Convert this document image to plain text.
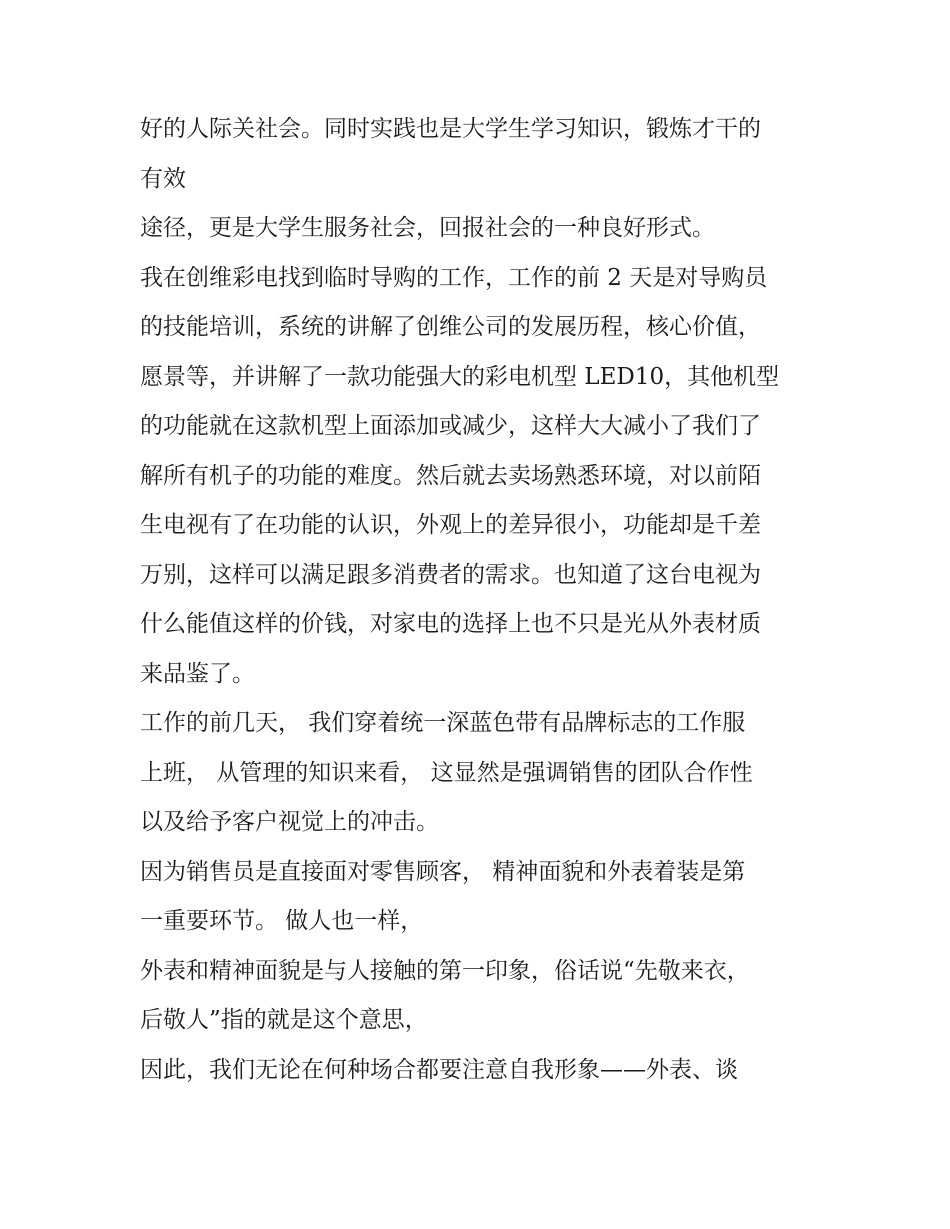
好的人际关社会。同时实践也是大学生学习知识，锻炼才干的

有效

途径，更是大学生服务社会，回报社会的一种良好形式。

我在创维彩电找到临时导购的工作，工作的前 2 天是对导购员

的技能培训，系统的讲解了创维公司的发展历程，核心价值，

愿景等，并讲解了一款功能强大的彩电机型 LED10，其他机型

的功能就在这款机型上面添加或减少，这样大大减小了我们了

解所有机子的功能的难度。然后就去卖场熟悉环境，对以前陌

生电视有了在功能的认识，外观上的差异很小，功能却是千差

万别，这样可以满足跟多消费者的需求。也知道了这台电视为

什么能值这样的价钱，对家电的选择上也不只是光从外表材质

来品鉴了。

工作的前几天， 我们穿着统一深蓝色带有品牌标志的工作服

上班， 从管理的知识来看， 这显然是强调销售的团队合作性

以及给予客户视觉上的冲击。

因为销售员是直接面对零售顾客， 精神面貌和外表着装是第

一重要环节。 做人也一样，

外表和精神面貌是与人接触的第一印象，俗话说“先敬来衣，

后敬人”指的就是这个意思，

因此，我们无论在何种场合都要注意自我形象——外表、谈
